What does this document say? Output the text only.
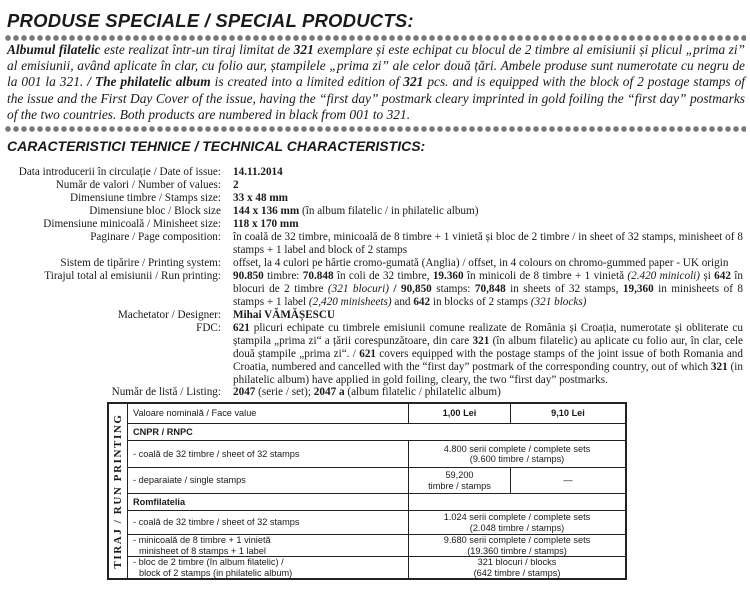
PRODUSE SPECIALE / SPECIAL PRODUCTS:
Albumul filatelic este realizat într-un tiraj limitat de 321 exemplare și este echipat cu blocul de 2 timbre al emisiunii și plicul „prima zi” al emisiunii, având aplicate în clar, cu folio aur, ștampilele „prima zi” ale celor două țări. Ambele produse sunt numerotate cu negru de la 001 la 321. / The philatelic album is created into a limited edition of 321 pcs. and is equipped with the block of 2 postage stamps of the issue and the First Day Cover of the issue, having the “first day” postmark cleary imprinted in gold foiling the “first day” postmarks of the two countries. Both products are numbered in black from 001 to 321.
CARACTERISTICI TEHNICE / TECHNICAL CHARACTERISTICS:
Data introducerii în circulație / Date of issue: 14.11.2014
Număr de valori / Number of values: 2
Dimensiune timbre / Stamps size: 33 x 48 mm
Dimensiune bloc / Block size 144 x 136 mm (în album filatelic / in philatelic album)
Dimensiune minicoală / Minisheet size: 118 x 170 mm
Paginare / Page composition: în coală de 32 timbre, minicoală de 8 timbre + 1 vinietă și bloc de 2 timbre / in sheet of 32 stamps, minisheet of 8 stamps + 1 label and block of 2 stamps
Sistem de tipărire / Printing system: offset, la 4 culori pe hârtie cromo-gumată (Anglia) / offset, in 4 colours on chromo-gummed paper - UK origin
Tirajul total al emisiunii / Run printing: 90.850 timbre: 70.848 în coli de 32 timbre, 19.360 în minicoli de 8 timbre + 1 vinietă (2.420 minicoli) și 642 în blocuri de 2 timbre (321 blocuri) / 90,850 stamps: 70,848 in sheets of 32 stamps, 19,360 in minisheets of 8 stamps + 1 label (2,420 minisheets) and 642 in blocks of 2 stamps (321 blocks)
Machetator / Designer: Mihai VĂMĂȘESCU
FDC: 621 plicuri echipate cu timbrele emisiunii comune realizate de România și Croația, numerotate și obliterate cu ștampila „prima zi“ a țării corespunzătoare, din care 321 (în album filatelic) au aplicate cu folio aur, în clar, cele două ștampile „prima zi“. / 621 covers equipped with the postage stamps of the joint issue of both Romania and Croatia, numbered and cancelled with the “first day” postmark of the corresponding country, out of which 321 (in philatelic album) have applied in gold foiling, cleary, the two “first day” postmarks.
Număr de listă / Listing: 2047 (serie / set); 2047 a (album filatelic / philatelic album)
TIRAJ / RUN PRINTING
Valoare nominală / Face value	1,00 Lei	9,10 Lei
CNPR / RNPC
- coală de 32 timbre / sheet of 32 stamps
4.800 serii complete / complete sets
(9.600 timbre / stamps)
- deparaiate / single stamps
59,200
timbre / stamps
—
Romfilatelia
- coală de 32 timbre / sheet of 32 stamps
1.024 serii complete / complete sets
(2.048 timbre / stamps)
- minicoală de 8 timbre + 1 vinietă
minisheet of 8 stamps + 1 label
9.680 serii complete / complete sets
(19.360 timbre / stamps)
- bloc de 2 timbre (în album filatelic) /
block of 2 stamps (in philatelic album)
321 blocuri / blocks
(642 timbre / stamps)
